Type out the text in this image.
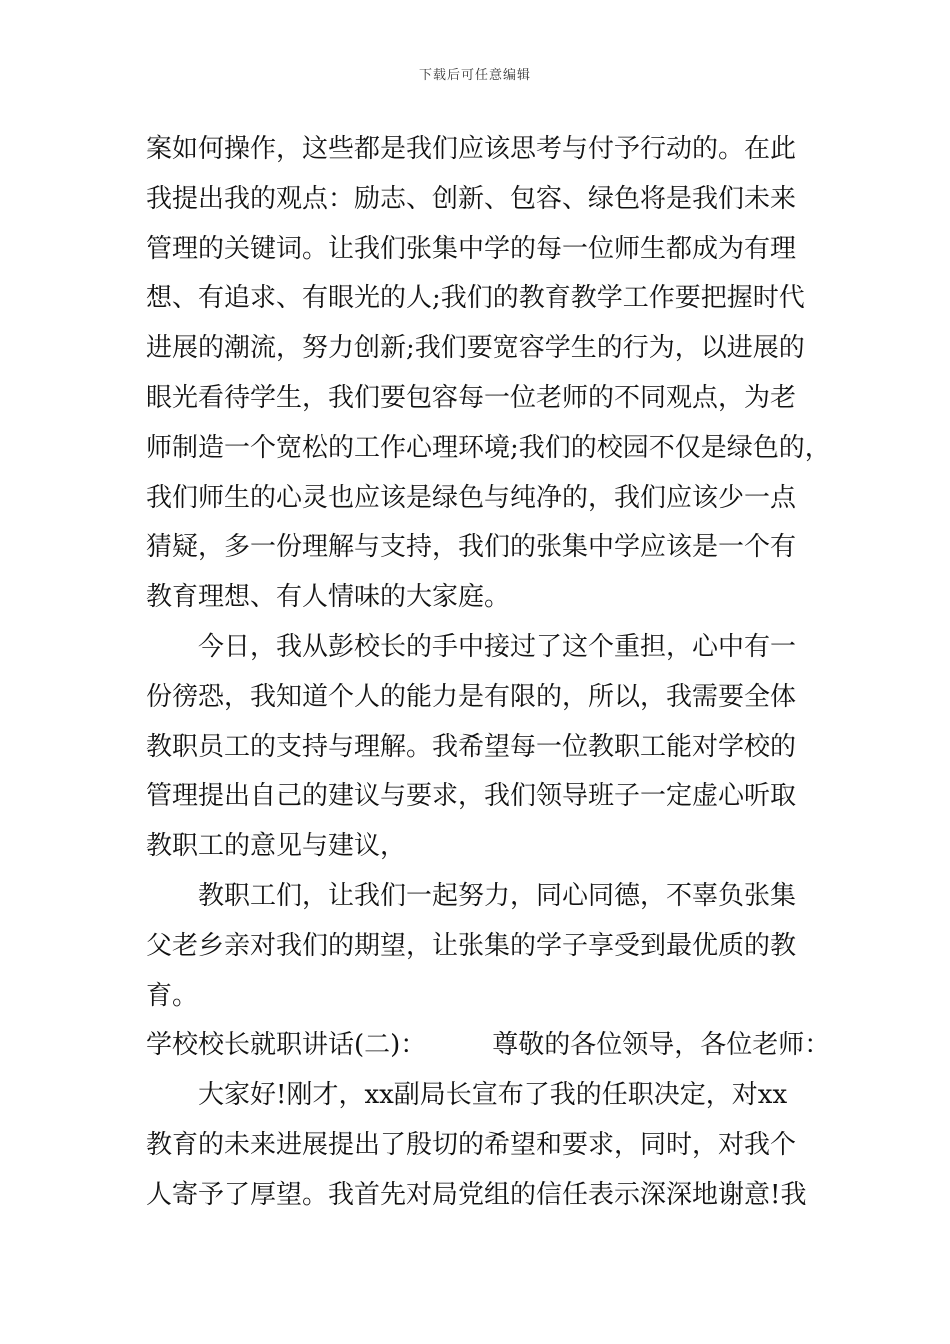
下载后可任意编辑
案如何操作，这些都是我们应该思考与付予行动的。在此
我提出我的观点：励志、创新、包容、绿色将是我们未来
管理的关键词。让我们张集中学的每一位师生都成为有理
想、有追求、有眼光的人;我们的教育教学工作要把握时代
进展的潮流，努力创新;我们要宽容学生的行为，以进展的
眼光看待学生，我们要包容每一位老师的不同观点，为老
师制造一个宽松的工作心理环境;我们的校园不仅是绿色的，
我们师生的心灵也应该是绿色与纯净的，我们应该少一点
猜疑，多一份理解与支持，我们的张集中学应该是一个有
教育理想、有人情味的大家庭。
今日，我从彭校长的手中接过了这个重担，心中有一
份徬恐，我知道个人的能力是有限的，所以，我需要全体
教职员工的支持与理解。我希望每一位教职工能对学校的
管理提出自己的建议与要求，我们领导班子一定虚心听取
教职工的意见与建议，
教职工们，让我们一起努力，同心同德，不辜负张集
父老乡亲对我们的期望，让张集的学子享受到最优质的教
育。
学校校长就职讲话(二)：	尊敬的各位领导，各位老师：
大家好!刚才，xx副局长宣布了我的任职决定，对xx
教育的未来进展提出了殷切的希望和要求，同时，对我个
人寄予了厚望。我首先对局党组的信任表示深深地谢意!我
